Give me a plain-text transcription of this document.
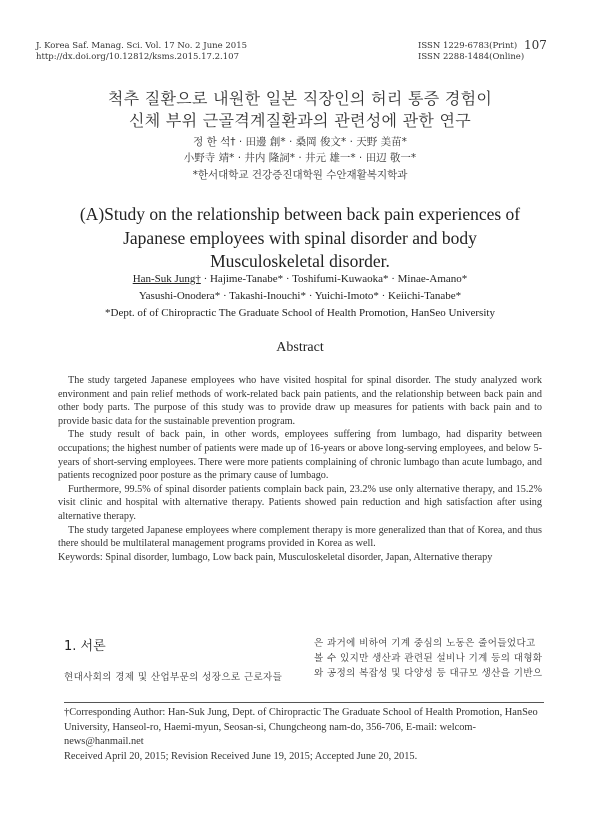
J. Korea Saf. Manag. Sci. Vol. 17 No. 2 June 2015
http://dx.doi.org/10.12812/ksms.2015.17.2.107
ISSN 1229-6783(Print)
ISSN 2288-1484(Online)
107
척추 질환으로 내원한 일본 직장인의 허리 통증 경험이
신체 부위 근골격계질환과의 관련성에 관한 연구
정 한 석† · 田邊 創* · 桑岡 俊文* · 天野 美苗*
小野寺 靖* · 井内 隆詞* · 井元 雄一* · 田辺 敬一*
*한서대학교 건강증진대학원 수안재활복지학과
(A)Study on the relationship between back pain experiences of
Japanese employees with spinal disorder and body
Musculoskeletal disorder.
Han-Suk Jung† · Hajime-Tanabe* · Toshifumi-Kuwaoka* · Minae-Amano*
Yasushi-Onodera* · Takashi-Inouchi* · Yuichi-Imoto* · Keiichi-Tanabe*
*Dept. of of Chiropractic The Graduate School of Health Promotion, HanSeo University
Abstract

The study targeted Japanese employees who have visited hospital for spinal disorder. The study analyzed work environment and pain relief methods of work-related back pain patients, and the relationship between back pain and other body parts. The purpose of this study was to provide draw up measures for patients with back pain and to provide basic data for the sustainable prevention program.

The study result of back pain, in other words, employees suffering from lumbago, had disparity between occupations; the highest number of patients were made up of 16-years or above long-serving employees, and below 5-years of short-serving employees. There were more patients complaining of chronic lumbago than acute lumbago, and patients recognized poor posture as the primary cause of lumbago.

Furthermore, 99.5% of spinal disorder patients complain back pain, 23.2% use only alternative therapy, and 15.2% visit clinic and hospital with alternative therapy. Patients showed pain reduction and high satisfaction after using alternative therapy.

The study targeted Japanese employees where complement therapy is more generalized than that of Korea, and thus there should be multilateral management programs provided in Korea as well.

Keywords: Spinal disorder, lumbago, Low back pain, Musculoskeletal disorder, Japan, Alternative therapy

1. 서론
현대사회의 경제 및 산업부문의 성장으로 근로자들
은 과거에 비하여 기계 중심의 노동은 줄어들었다고
볼 수 있지만 생산과 관련된 설비나 기계 등의 대형화
와 공정의 복잡성 및 다양성 등 대규모 생산을 기반으
†Corresponding Author: Han-Suk Jung, Dept. of Chiropractic The Graduate School of Health Promotion, HanSeo University, Hanseol-ro, Haemi-myun, Seosan-si, Chungcheong nam-do, 356-706, E-mail: welcom-news@hanmail.net
Received April 20, 2015; Revision Received June 19, 2015; Accepted June 20, 2015.
